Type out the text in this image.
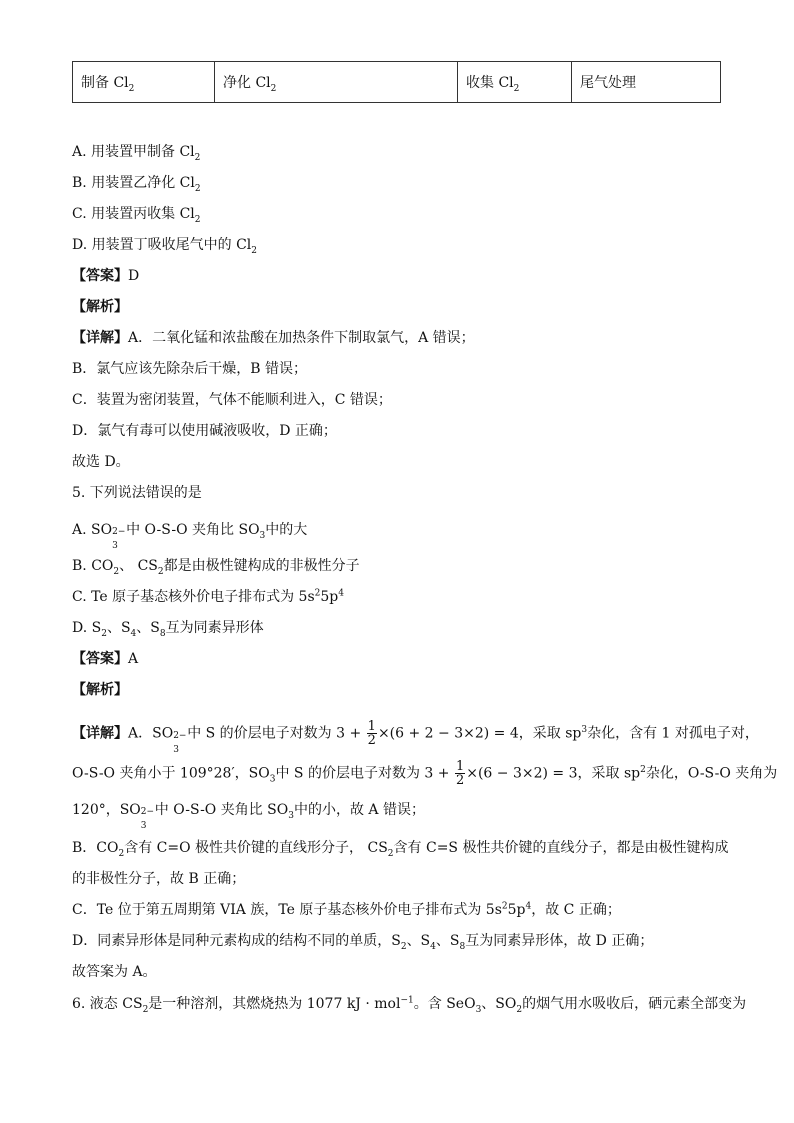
制备 $Cl_2$	净化 $Cl_2$	收集 $Cl_2$	尾气处理
A. 用装置甲制备 $Cl_2$
B. 用装置乙净化 $Cl_2$
C. 用装置丙收集 $Cl_2$
D. 用装置丁吸收尾气中的 $Cl_2$
【答案】D
【解析】
【详解】A．二氧化锰和浓盐酸在加热条件下制取氯气，A 错误；
B．氯气应该先除杂后干燥，B 错误；
C．装置为密闭装置，气体不能顺利进入，C 错误；
D．氯气有毒可以使用碱液吸收，D 正确；
故选 D。
5. 下列说法错误的是
A. SO 2−
3
中 O-S-O 夹角比 $SO_3$中的大
B. $CO_2$、 $CS_2$都是由极性键构成的非极性分子
C. Te 原子基态核外价电子排布式为 $5s^25p^4$
D. $S_2$、$S_4$、$S_8$互为同素异形体
【答案】A
【解析】
【详解】A．SO 2−
3
中 S 的价层电子对数为 $3 + \frac{1}{2} \times(6 + 2 - 3\times 2) = 4$，采取 $sp^3$杂化，含有 1 对孤电子对，
O-S-O 夹角小于 109°28′，$SO_3$中 S 的价层电子对数为 $3 + \frac{1}{2} \times(6 - 3\times 2) = 3$，采取 $sp^2$杂化，O-S-O 夹角为
120°，SO 2−
3
中 O-S-O 夹角比 $SO_3$中的小，故 A 错误；
B．$CO_2$含有 C=O 极性共价键的直线形分子， $CS_2$含有 C=S 极性共价键的直线分子，都是由极性键构成
的非极性分子，故 B 正确；
C．Te 位于第五周期第 VIA 族，Te 原子基态核外价电子排布式为 $5s^25p^4$，故 C 正确；
D．同素异形体是同种元素构成的结构不同的单质，$S_2$、$S_4$、$S_8$互为同素异形体，故 D 正确；
故答案为 A。
6. 液态 $CS_2$是一种溶剂，其燃烧热为 1077 kJ · mol$^{-1}$。含 SeO$_3$、$SO_2$的烟气用水吸收后，硒元素全部变为
